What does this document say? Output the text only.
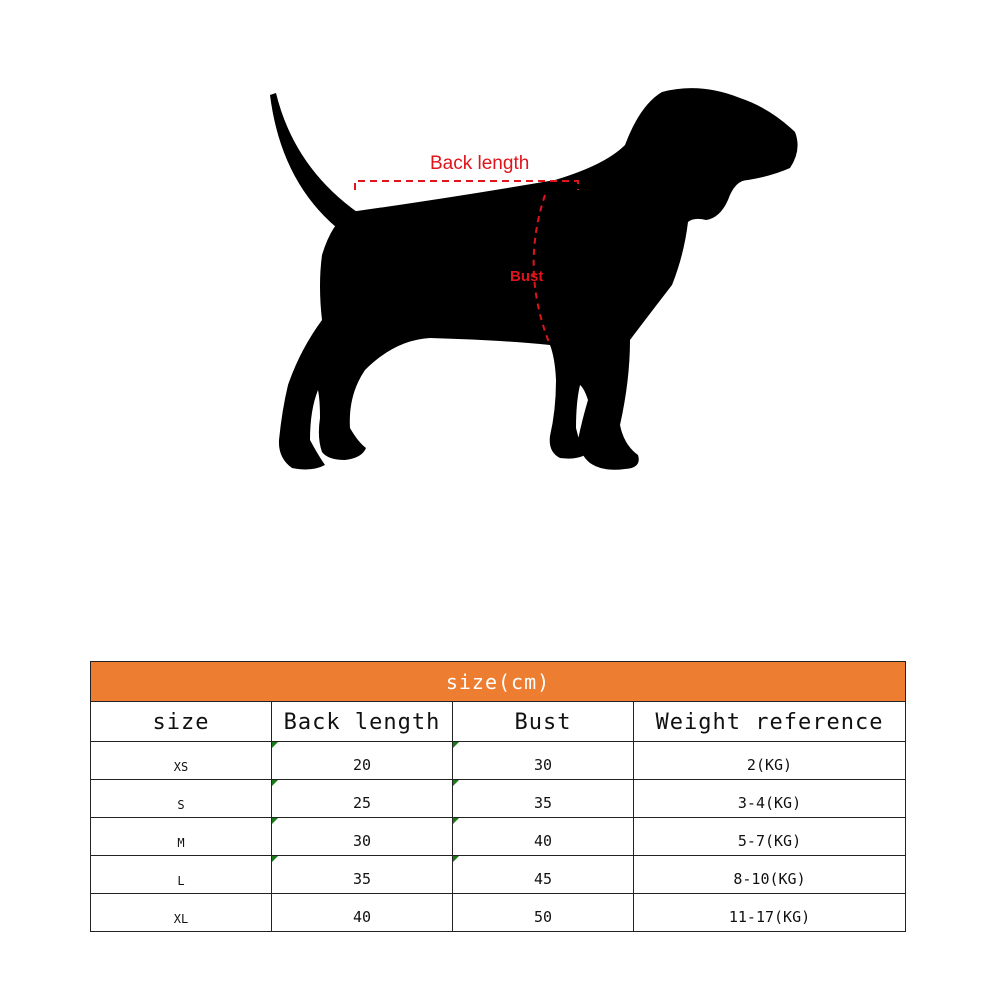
Back length
Bust
size(cm)			
size	Back length	Bust	Weight reference
XS	20	30	2(KG)
S	25	35	3-4(KG)
M	30	40	5-7(KG)
L	35	45	8-10(KG)
XL	40	50	11-17(KG)
